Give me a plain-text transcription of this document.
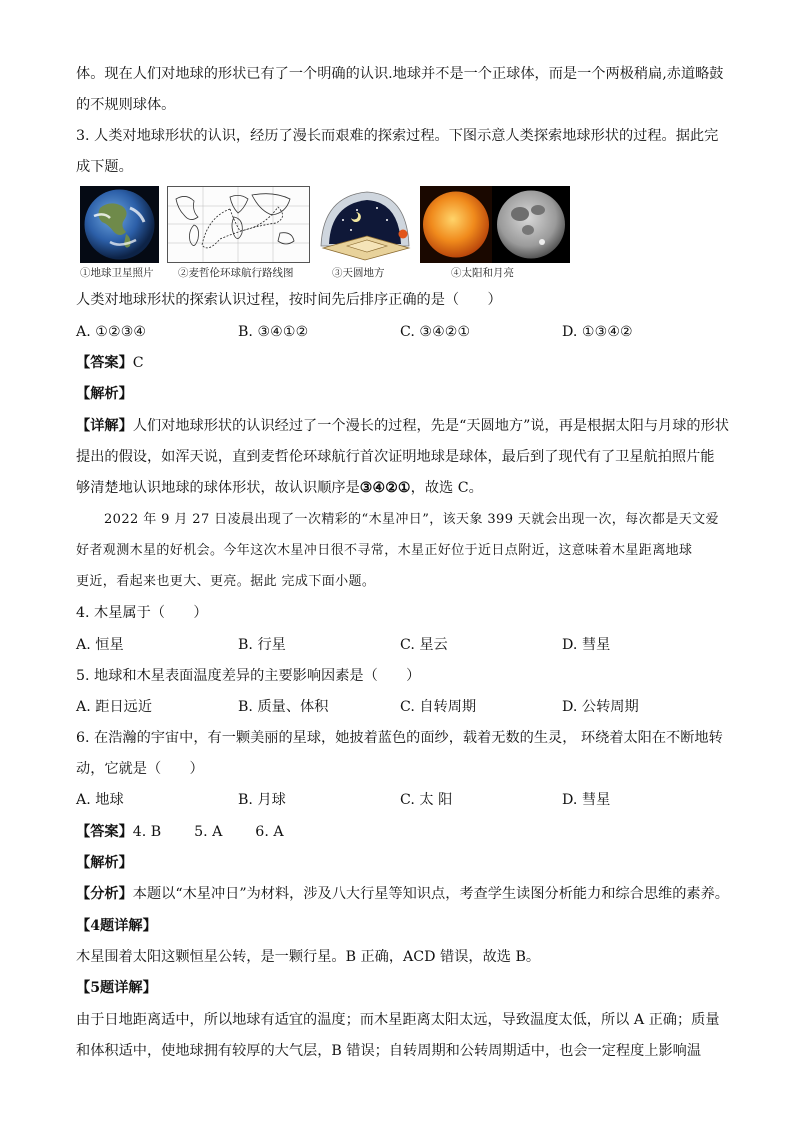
体。现在人们对地球的形状已有了一个明确的认识.地球并不是一个正球体，而是一个两极稍扁,赤道略鼓
的不规则球体。
3. 人类对地球形状的认识，经历了漫长而艰难的探索过程。下图示意人类探索地球形状的过程。据此完
成下题。
①地球卫星照片 ②麦哲伦环球航行路线图	③天圆地方	④太阳和月亮
人类对地球形状的探索认识过程，按时间先后排序正确的是（　　）
A. ①②③④	B. ③④①②	C. ③④②①	D. ①③④②
【答案】C
【解析】
【详解】人们对地球形状的认识经过了一个漫长的过程，先是“天圆地方”说，再是根据太阳与月球的形状
提出的假设，如浑天说，直到麦哲伦环球航行首次证明地球是球体，最后到了现代有了卫星航拍照片能
够清楚地认识地球的球体形状，故认识顺序是③④②①，故选 C。
2022 年 9 月 27 日凌晨出现了一次精彩的“木星冲日”，该天象 399 天就会出现一次，每次都是天文爱
好者观测木星的好机会。今年这次木星冲日很不寻常，木星正好位于近日点附近，这意味着木星距离地球
更近，看起来也更大、更亮。据此 完成下面小题。
4. 木星属于（　　）
A. 恒星	B. 行星	C. 星云	D. 彗星
5. 地球和木星表面温度差异的主要影响因素是（　　）
A. 距日远近	B. 质量、体积	C. 自转周期	D. 公转周期
6. 在浩瀚的宇宙中，有一颗美丽的星球，她披着蓝色的面纱，载着无数的生灵， 环绕着太阳在不断地转
动，它就是（　　）
A. 地球	B. 月球	C. 太 阳	D. 彗星
【答案】4. B　　 5. A　　 6. A
【解析】
【分析】本题以“木星冲日”为材料，涉及八大行星等知识点，考查学生读图分析能力和综合思维的素养。
【4题详解】
木星围着太阳这颗恒星公转，是一颗行星。B 正确，ACD 错误，故选 B。
【5题详解】
由于日地距离适中，所以地球有适宜的温度；而木星距离太阳太远，导致温度太低，所以 A 正确；质量
和体积适中，使地球拥有较厚的大气层，B 错误；自转周期和公转周期适中，也会一定程度上影响温
